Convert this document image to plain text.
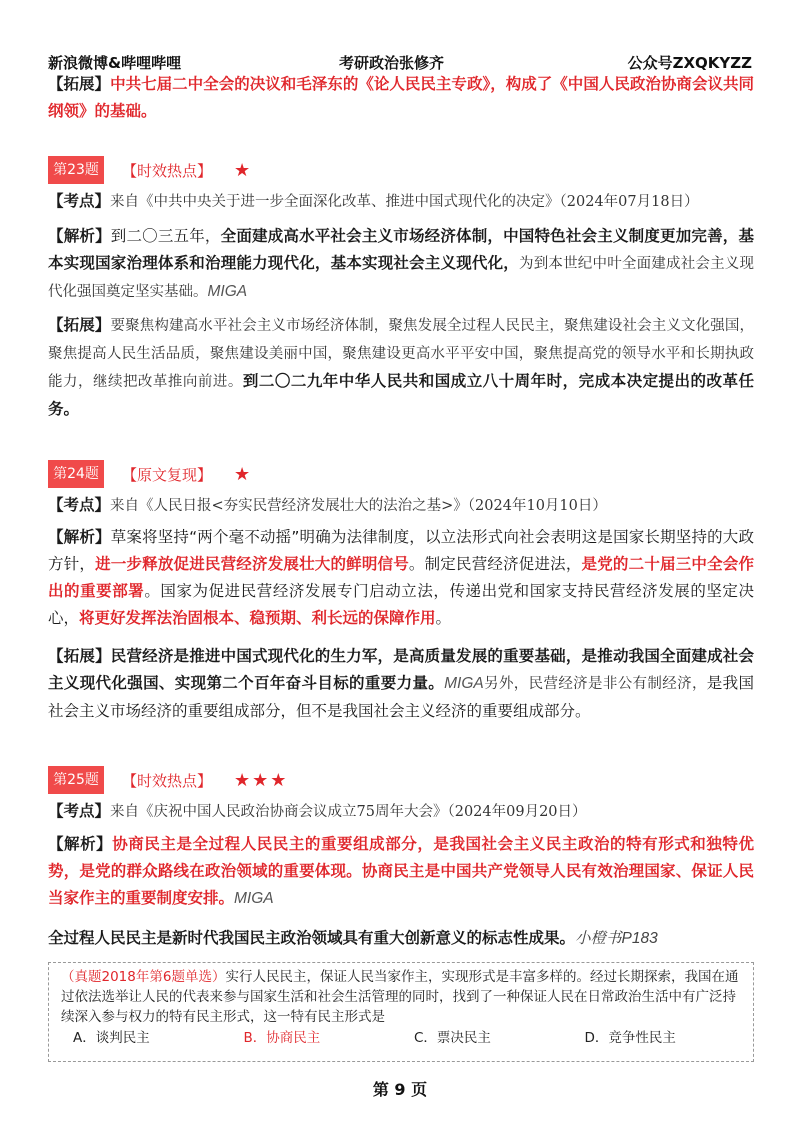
新浪微博&哔哩哔哩	考研政治张修齐	公众号ZXQKYZZ
【拓展】中共七届二中全会的决议和毛泽东的《论人民民主专政》，构成了《中国人民政治协商会议共同纲领》的基础。
第23题	【时效热点】 ★
【考点】来自《中共中央关于进一步全面深化改革、推进中国式现代化的决定》（2024年07月18日）
【解析】到二〇三五年，全面建成高水平社会主义市场经济体制，中国特色社会主义制度更加完善，基本实现国家治理体系和治理能力现代化，基本实现社会主义现代化，为到本世纪中叶全面建成社会主义现代化强国奠定坚实基础。MIGA
【拓展】要聚焦构建高水平社会主义市场经济体制，聚焦发展全过程人民民主，聚焦建设社会主义文化强国，聚焦提高人民生活品质，聚焦建设美丽中国，聚焦建设更高水平平安中国，聚焦提高党的领导水平和长期执政能力，继续把改革推向前进。到二〇二九年中华人民共和国成立八十周年时，完成本决定提出的改革任务。
第24题	【原文复现】 ★
【考点】来自《人民日报<夯实民营经济发展壮大的法治之基>》（2024年10月10日）
【解析】草案将坚持“两个毫不动摇”明确为法律制度，以立法形式向社会表明这是国家长期坚持的大政方针，进一步释放促进民营经济发展壮大的鲜明信号。制定民营经济促进法，是党的二十届三中全会作出的重要部署。国家为促进民营经济发展专门启动立法，传递出党和国家支持民营经济发展的坚定决心，将更好发挥法治固根本、稳预期、利长远的保障作用。
【拓展】民营经济是推进中国式现代化的生力军，是高质量发展的重要基础，是推动我国全面建成社会主义现代化强国、实现第二个百年奋斗目标的重要力量。MIGA另外，民营经济是非公有制经济，是我国社会主义市场经济的重要组成部分，但不是我国社会主义经济的重要组成部分。
第25题	【时效热点】 ★★★
【考点】来自《庆祝中国人民政治协商会议成立75周年大会》（2024年09月20日）
【解析】协商民主是全过程人民民主的重要组成部分，是我国社会主义民主政治的特有形式和独特优势，是党的群众路线在政治领域的重要体现。协商民主是中国共产党领导人民有效治理国家、保证人民当家作主的重要制度安排。MIGA
全过程人民民主是新时代我国民主政治领域具有重大创新意义的标志性成果。小橙书P183
（真题2018年第6题单选）实行人民民主，保证人民当家作主，实现形式是丰富多样的。经过长期探索，我国在通过依法选举让人民的代表来参与国家生活和社会生活管理的同时，找到了一种保证人民在日常政治生活中有广泛持续深入参与权力的特有民主形式，这一特有民主形式是
A．谈判民主	B．协商民主	C．票决民主	D．竞争性民主
第 9 页
